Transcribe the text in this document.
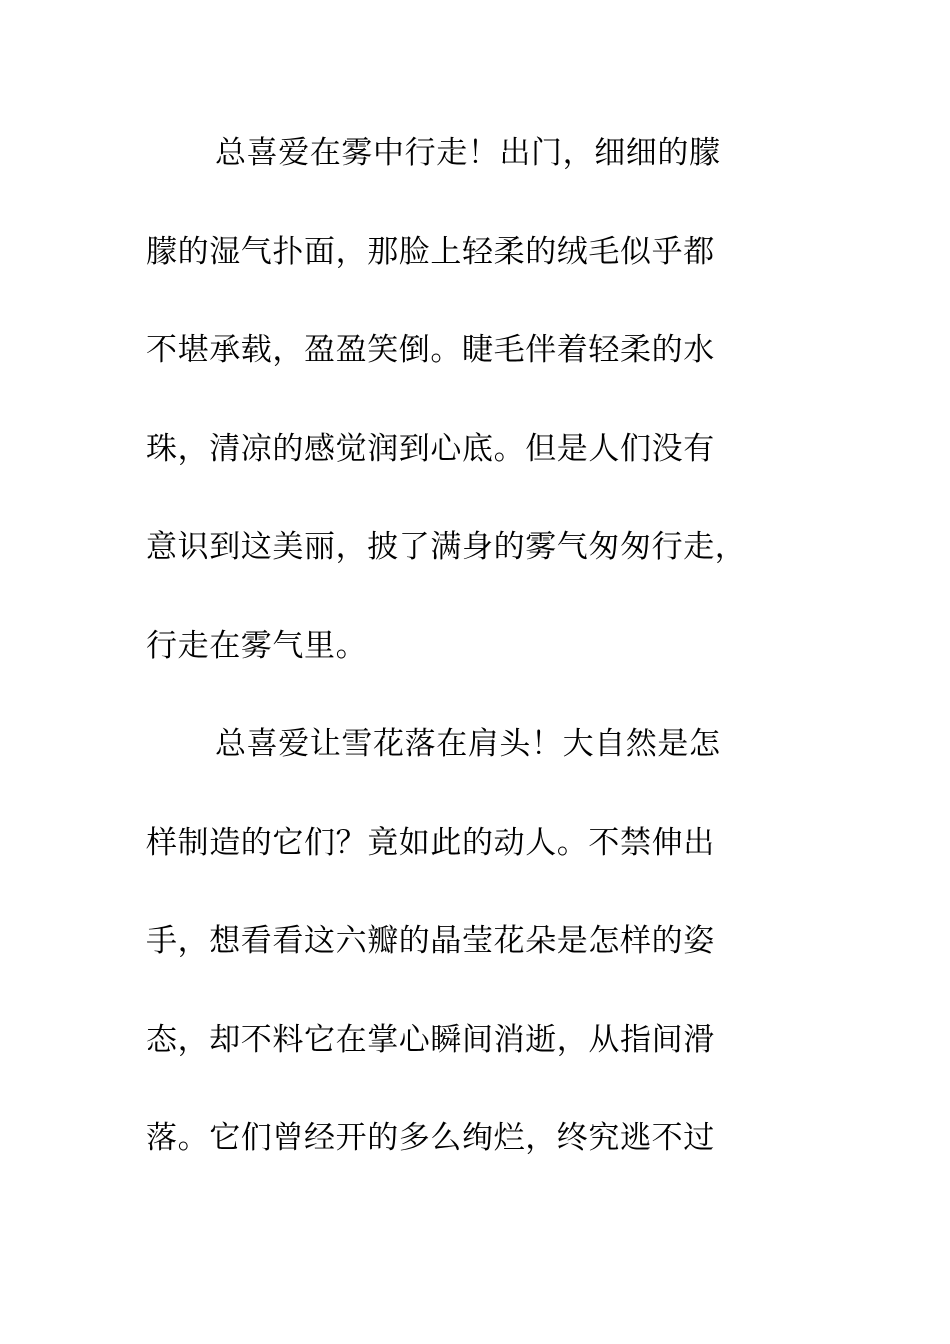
总喜爱在雾中行走！出门，细细的朦
朦的湿气扑面，那脸上轻柔的绒毛似乎都
不堪承载，盈盈笑倒。睫毛伴着轻柔的水
珠，清凉的感觉润到心底。但是人们没有
意识到这美丽，披了满身的雾气匆匆行走，
行走在雾气里。
总喜爱让雪花落在肩头！大自然是怎
样制造的它们？竟如此的动人。不禁伸出
手，想看看这六瓣的晶莹花朵是怎样的姿
态，却不料它在掌心瞬间消逝，从指间滑
落。它们曾经开的多么绚烂，终究逃不过
